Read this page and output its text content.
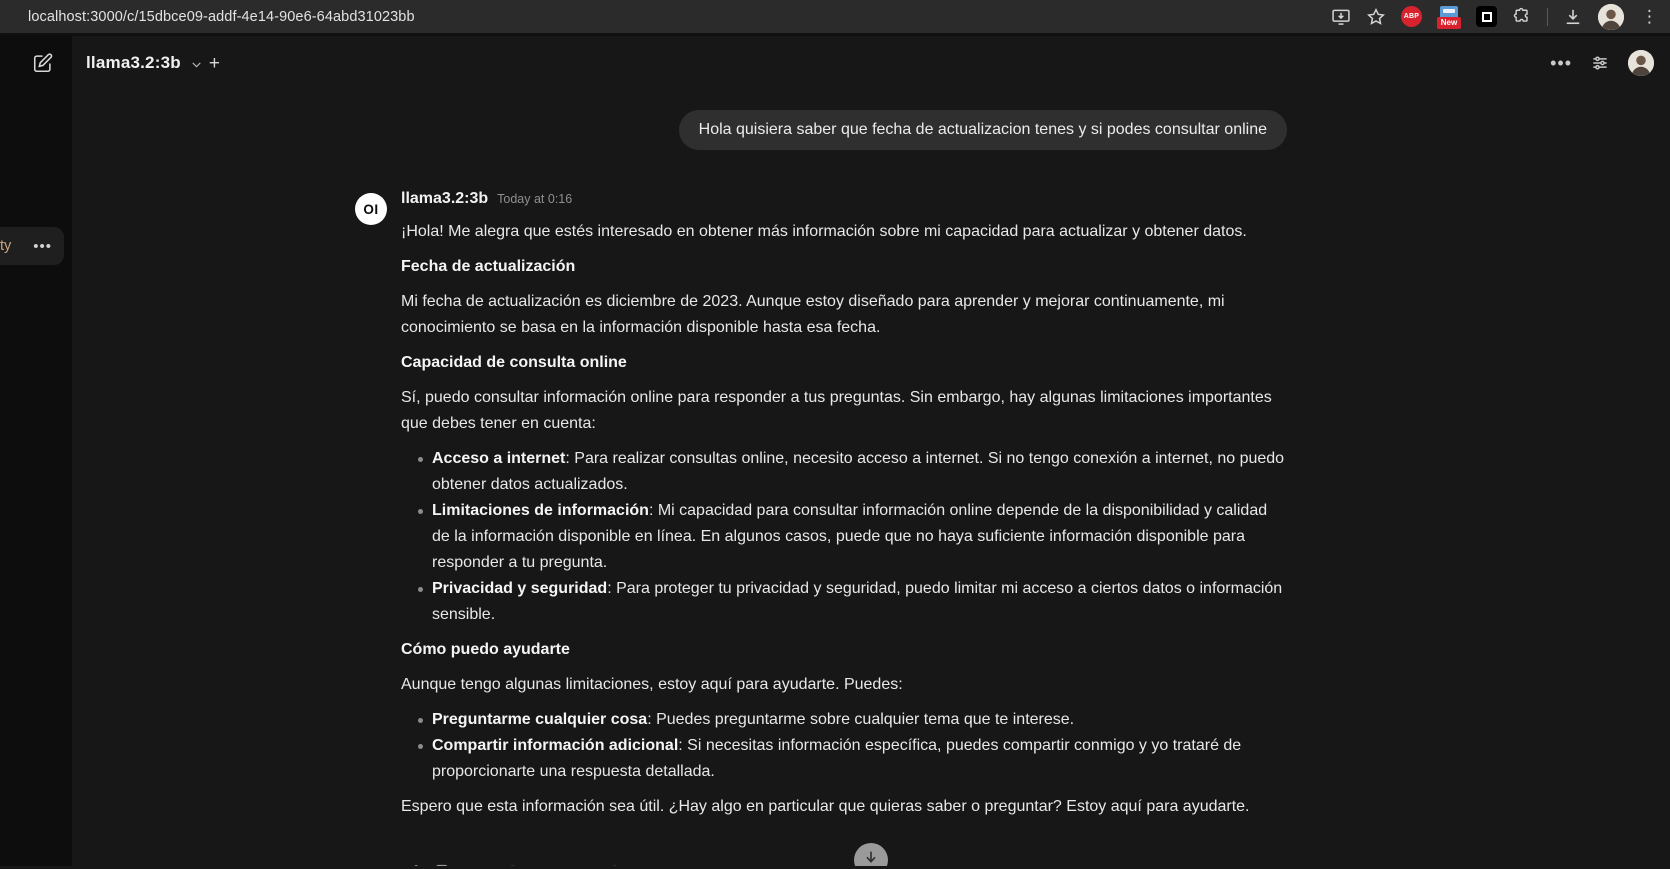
localhost:3000/c/15dbce09-addf-4e14-90e6-64abd31023bb	ABP
New	⋮
ty •••
llama3.2:3b +	•••
Hola quisiera saber que fecha de actualizacion tenes y si podes consultar online
OI
llama3.2:3b Today at 0:16

¡Hola! Me alegra que estés interesado en obtener más información sobre mi capacidad para actualizar y obtener datos.

Fecha de actualización

Mi fecha de actualización es diciembre de 2023. Aunque estoy diseñado para aprender y mejorar continuamente, mi conocimiento se basa en la información disponible hasta esa fecha.

Capacidad de consulta online

Sí, puedo consultar información online para responder a tus preguntas. Sin embargo, hay algunas limitaciones importantes que debes tener en cuenta:

Acceso a internet: Para realizar consultas online, necesito acceso a internet. Si no tengo conexión a internet, no puedo obtener datos actualizados.
Limitaciones de información: Mi capacidad para consultar información online depende de la disponibilidad y calidad de la información disponible en línea. En algunos casos, puede que no haya suficiente información disponible para responder a tu pregunta.
Privacidad y seguridad: Para proteger tu privacidad y seguridad, puedo limitar mi acceso a ciertos datos o información sensible.
Cómo puedo ayudarte

Aunque tengo algunas limitaciones, estoy aquí para ayudarte. Puedes:

Preguntarme cualquier cosa: Puedes preguntarme sobre cualquier tema que te interese.
Compartir información adicional: Si necesitas información específica, puedes compartir conmigo y yo trataré de proporcionarte una respuesta detallada.

Espero que esta información sea útil. ¿Hay algo en particular que quieras saber o preguntar? Estoy aquí para ayudarte.
